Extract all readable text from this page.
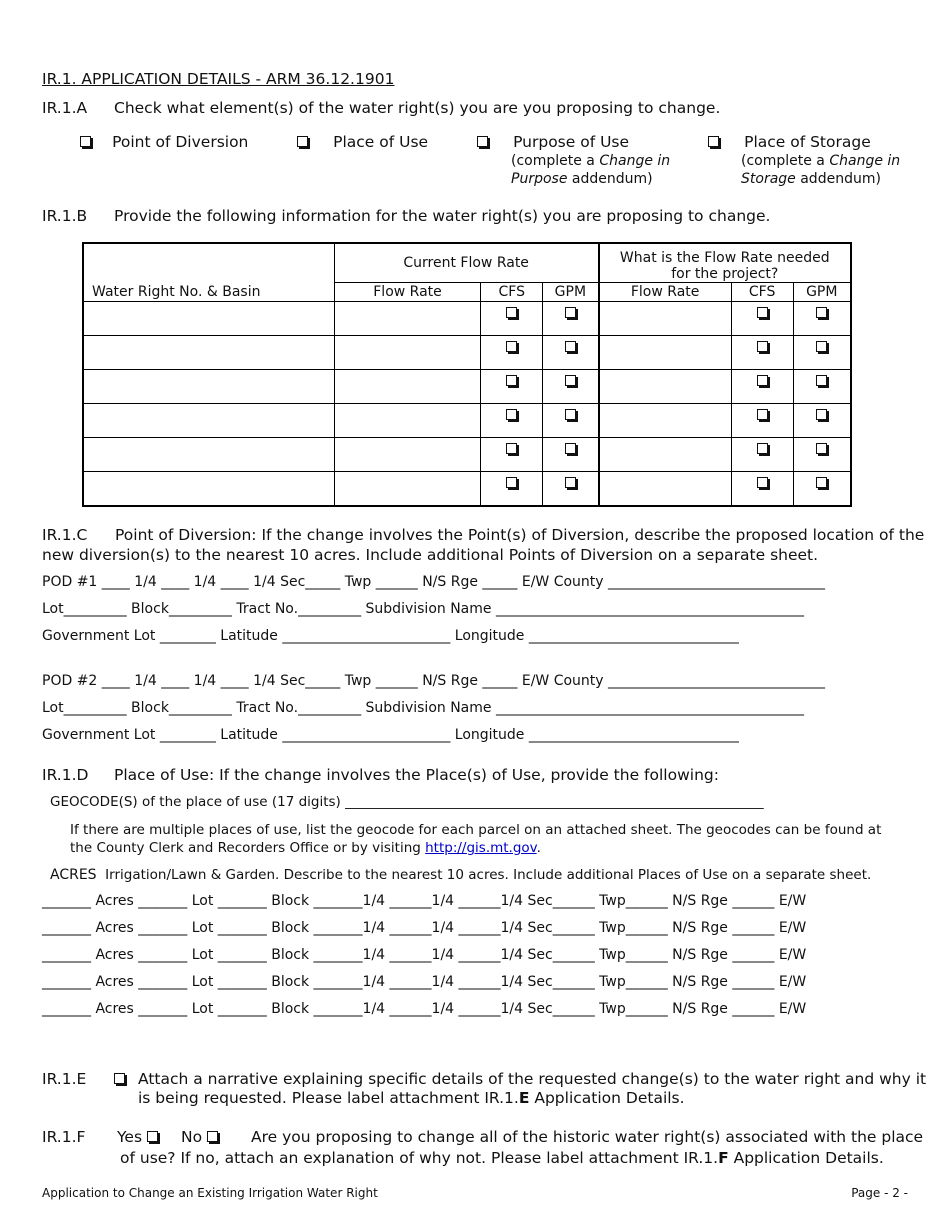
IR.1. APPLICATION DETAILS - ARM 36.12.1901
IR.1.A Check what element(s) of the water right(s) you are you proposing to change.
Point of Diversion	Place of Use	Purpose of Use
(complete a Change in
Purpose addendum)
Place of Storage
(complete a Change in
Storage addendum)
IR.1.B Provide the following information for the water right(s) you are proposing to change.
Water Right No. & Basin	Current Flow Rate			What is the Flow Rate needed
for the project?		
	Flow Rate	CFS	GPM	Flow Rate	CFS	GPM

IR.1.C Point of Diversion: If the change involves the Point(s) of Diversion, describe the proposed location of the
new diversion(s) to the nearest 10 acres. Include additional Points of Diversion on a separate sheet.
POD #1 ____ 1/4 ____ 1/4 ____ 1/4 Sec_____ Twp ______ N/S Rge _____ E/W County _______________________________
Lot_________ Block_________ Tract No._________ Subdivision Name ____________________________________________
Government Lot ________ Latitude ________________________ Longitude ______________________________
POD #2 ____ 1/4 ____ 1/4 ____ 1/4 Sec_____ Twp ______ N/S Rge _____ E/W County _______________________________
Lot_________ Block_________ Tract No._________ Subdivision Name ____________________________________________
Government Lot ________ Latitude ________________________ Longitude ______________________________
IR.1.D Place of Use: If the change involves the Place(s) of Use, provide the following:
GEOCODE(S) of the place of use (17 digits) ______________________________________________________________
If there are multiple places of use, list the geocode for each parcel on an attached sheet. The geocodes can be found at
the County Clerk and Recorders Office or by visiting http://gis.mt.gov.
ACRES Irrigation/Lawn & Garden. Describe to the nearest 10 acres. Include additional Places of Use on a separate sheet.
_______ Acres _______ Lot _______ Block _______1/4 ______1/4 ______1/4 Sec______ Twp______ N/S Rge ______ E/W
_______ Acres _______ Lot _______ Block _______1/4 ______1/4 ______1/4 Sec______ Twp______ N/S Rge ______ E/W
_______ Acres _______ Lot _______ Block _______1/4 ______1/4 ______1/4 Sec______ Twp______ N/S Rge ______ E/W
_______ Acres _______ Lot _______ Block _______1/4 ______1/4 ______1/4 Sec______ Twp______ N/S Rge ______ E/W
_______ Acres _______ Lot _______ Block _______1/4 ______1/4 ______1/4 Sec______ Twp______ N/S Rge ______ E/W
IR.1.E	Attach a narrative explaining specific details of the requested change(s) to the water right and why it
is being requested. Please label attachment IR.1.E Application Details.
IR.1.F Yes	No	Are you proposing to change all of the historic water right(s) associated with the place
of use? If no, attach an explanation of why not. Please label attachment IR.1.F Application Details.
Application to Change an Existing Irrigation Water Right	Page - 2 -
